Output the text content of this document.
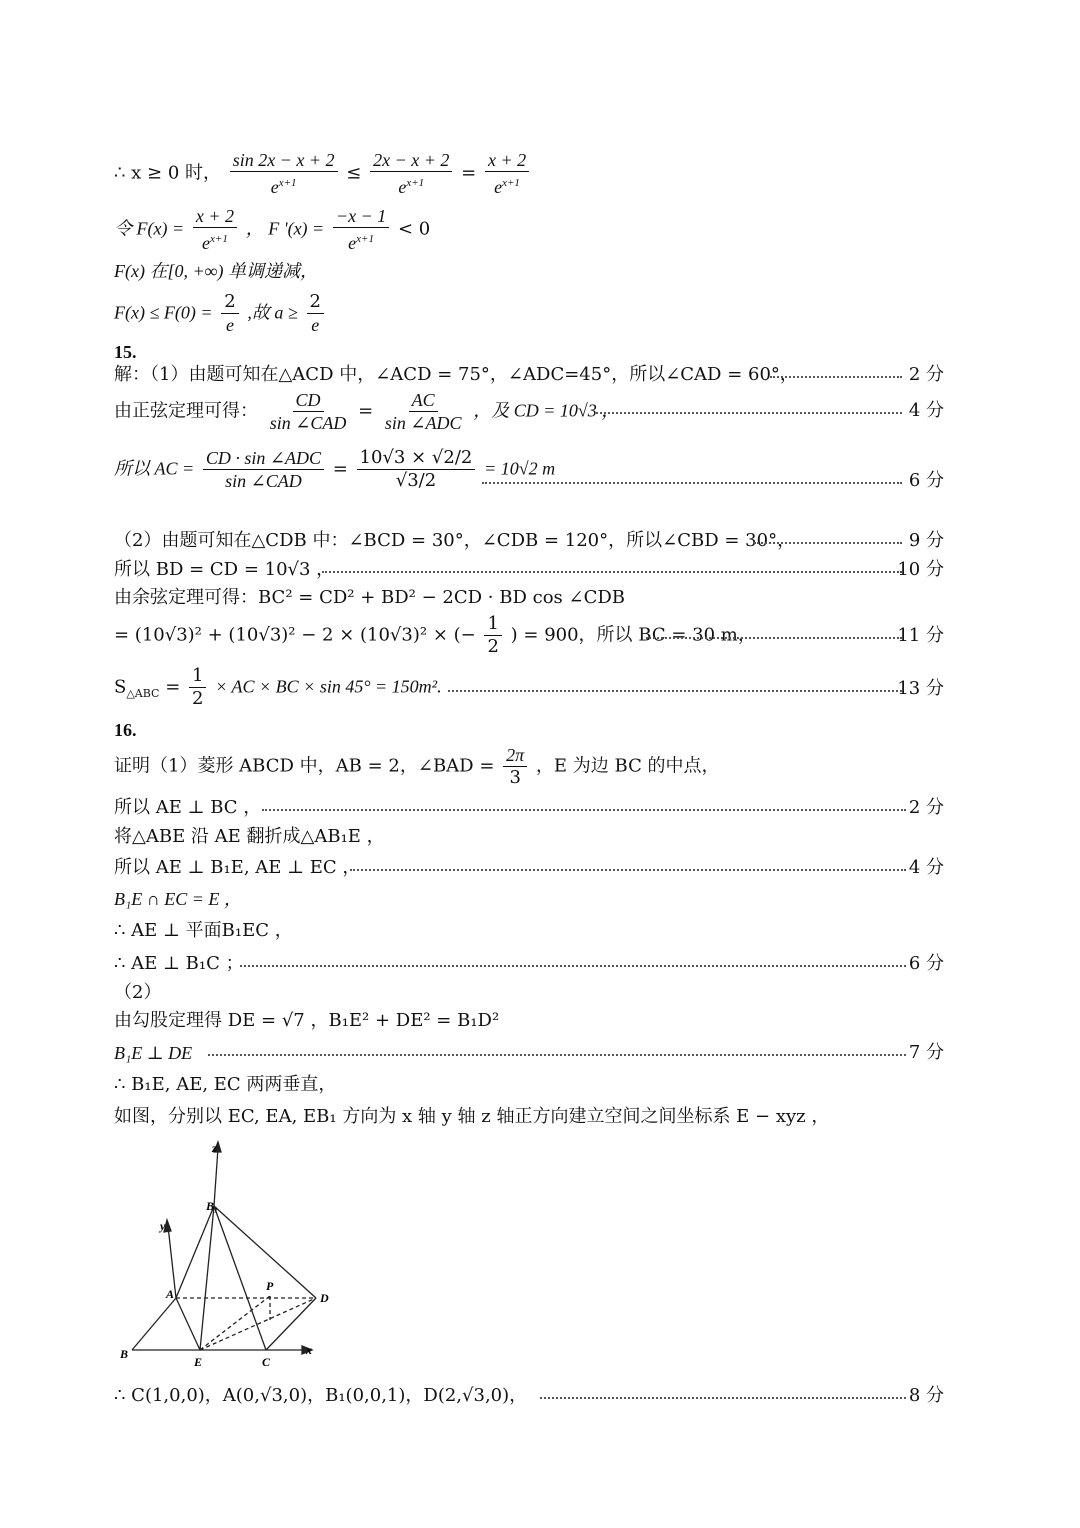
∴ x ≥ 0 时， $\frac{\sin 2x - x + 2}{e^{x+1}} \le \frac{2x - x + 2}{e^{x+1}} = \frac{x + 2}{e^{x+1}}$
令 $F(x) = \frac{x + 2}{e^{x+1}}$ ， F '$(x) = \frac{-x - 1}{e^{x+1}} < 0$
F(x) 在[0, +∞) 单调递减，
$F(x) \le F(0) = \frac{2}{e}$ ,故 $a \ge \frac{2}{e}$
15.
解：（1）由题可知在△ACD 中，∠ACD = 75°，∠ADC=45°，所以∠CAD = 60°，	2 分
由正弦定理可得： $\frac{CD}{\text{sin ∠CAD}} = \frac{AC}{\text{sin ∠ADC}}$ ，及 CD = 10√3 ，	4 分
所以 AC = $\frac{\text{CD · sin ∠ADC}}{\text{sin ∠CAD}} = \frac{10√3 \times √2/2}{√3/2} = 10√2$ m
6 分
（2）由题可知在△CDB 中：∠BCD = 30°，∠CDB = 120°，所以∠CBD = 30°，	9 分
所以 BD = CD = 10√3 ，	10 分
由余弦定理可得：BC² = CD² + BD² − 2CD · BD cos ∠CDB
= (10√3)² + (10√3)² − 2 × (10√3)² × (− $\frac{1}{2}$ ) = 900，所以 BC = 30 m，	11 分
$S_{\triangle ABC} = \frac{1}{2}$ × AC × BC × sin 45° = 150m².	13 分
16.
证明（1）菱形 ABCD 中，AB = 2，∠BAD = $\frac{2\pi}{3}$ ，E 为边 BC 的中点，
所以 AE ⊥ BC ，	2 分
将△ABE 沿 AE 翻折成△AB₁E ，
所以 AE ⊥ B₁E, AE ⊥ EC ，	4 分
B₁E ∩ EC = E ，
∴ AE ⊥ 平面B₁EC ，
∴ AE ⊥ B₁C ；	6 分
（2）
由勾股定理得 DE = √7 ，B₁E² + DE² = B₁D²
B₁E ⊥ DE	7 分
∴ B₁E, AE, EC 两两垂直，
如图，分别以 EC, EA, EB₁ 方向为 x 轴 y 轴 z 轴正方向建立空间之间坐标系 E − xyz ，
z
y
x
B₁
A
P
D
B
E	C
∴ C(1,0,0)，A(0,√3,0)，B₁(0,0,1)，D(2,√3,0)，	8 分
